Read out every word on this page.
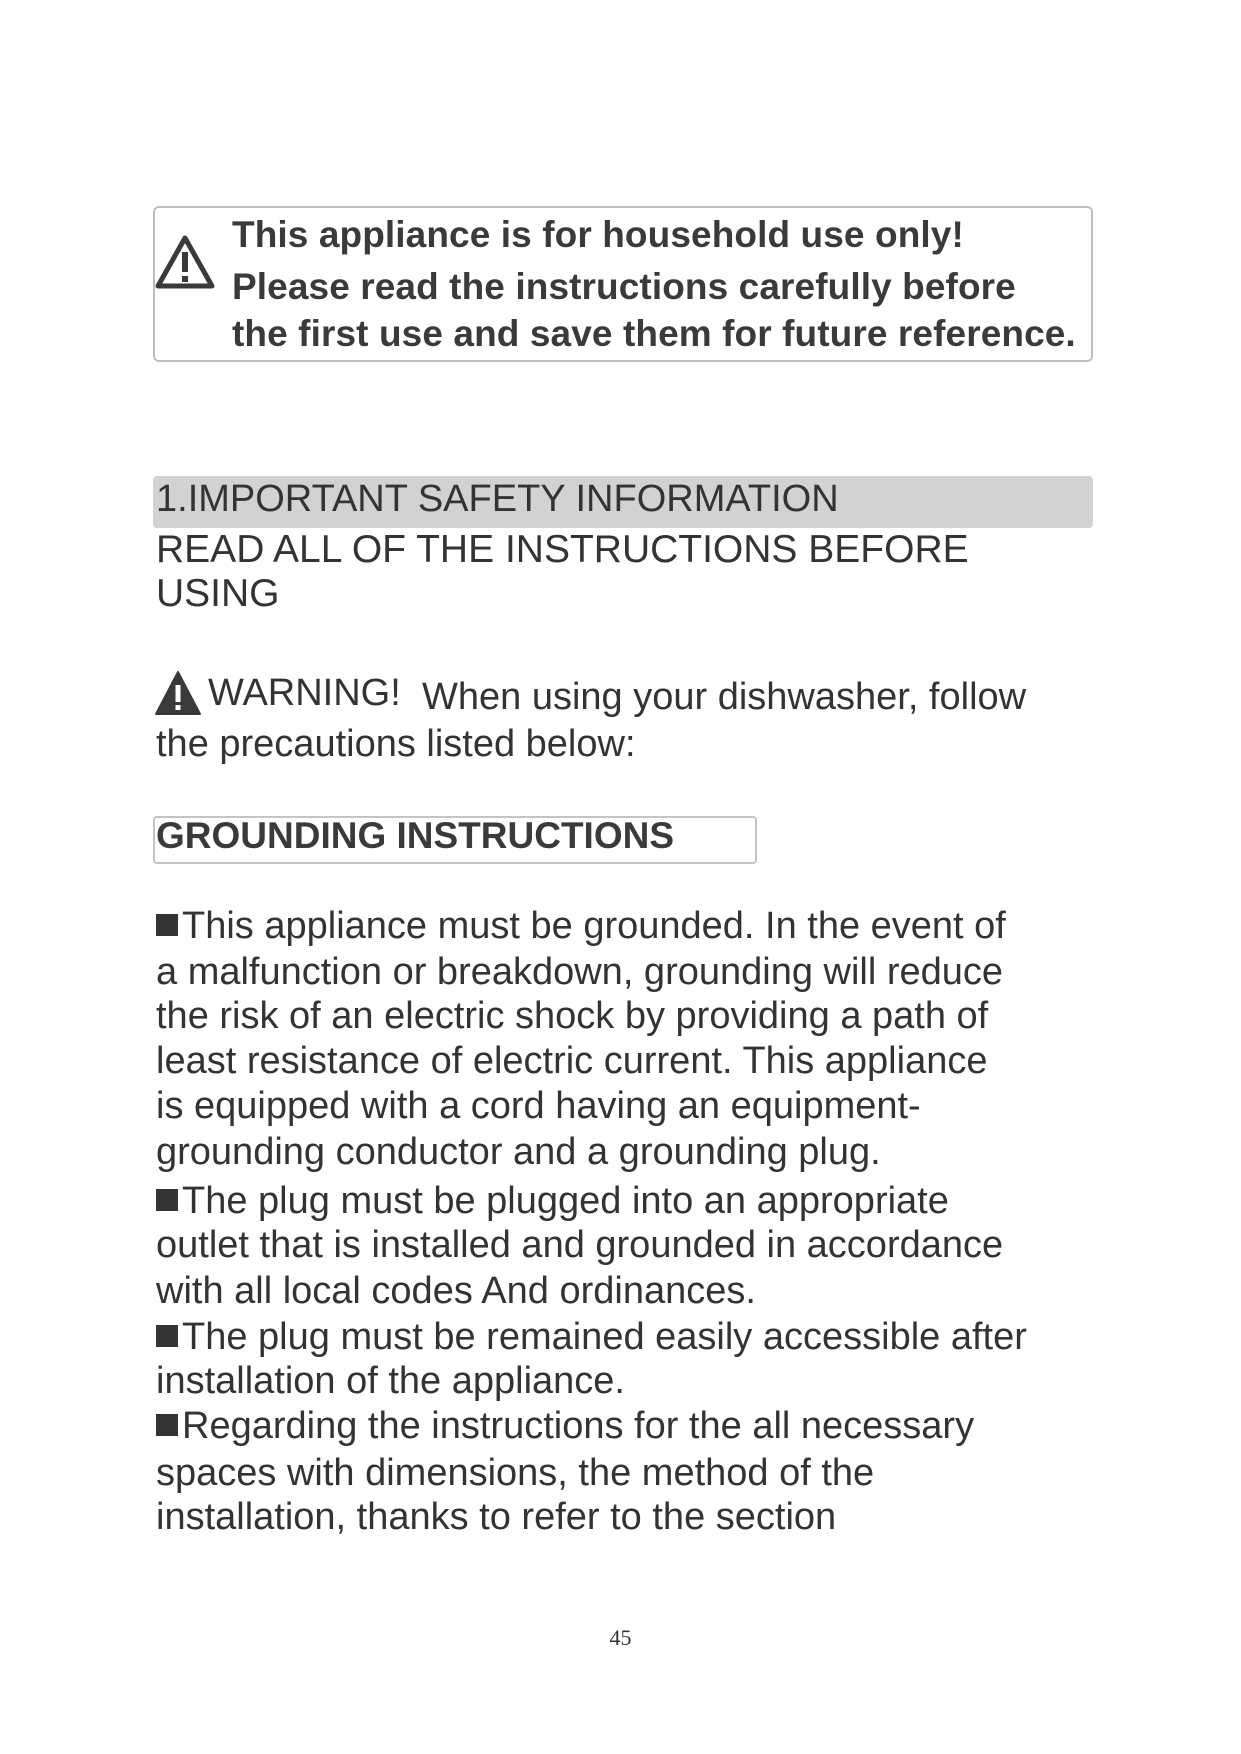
This appliance is for household use only!
Please read the instructions carefully before
the first use and save them for future reference.
1.IMPORTANT SAFETY INFORMATION
READ ALL OF THE INSTRUCTIONS BEFORE
USING
WARNING! When using your dishwasher, follow
the precautions listed below:
GROUNDING INSTRUCTIONS
This appliance must be grounded. In the event of
a malfunction or breakdown, grounding will reduce
the risk of an electric shock by providing a path of
least resistance of electric current. This appliance
is equipped with a cord having an equipment-
grounding conductor and a grounding plug.
The plug must be plugged into an appropriate
outlet that is installed and grounded in accordance
with all local codes And ordinances.
The plug must be remained easily accessible after
installation of the appliance.
Regarding the instructions for the all necessary
spaces with dimensions, the method of the
installation, thanks to refer to the section
45
